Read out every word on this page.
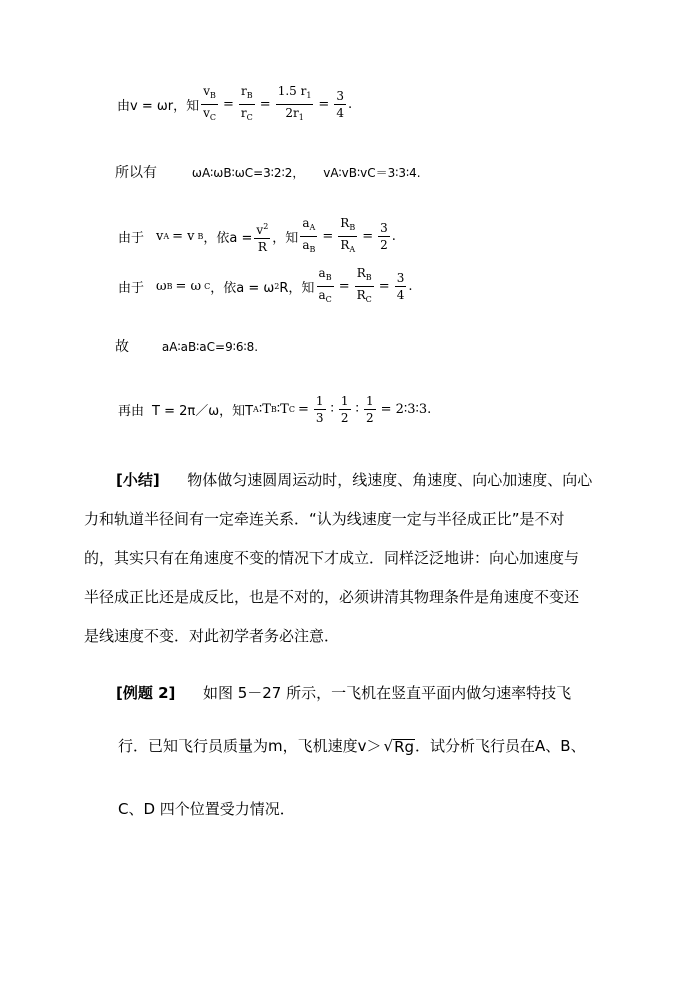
由v = ωr，知 $\frac{v_B}{v_C} = \frac{r_B}{r_C} = \frac{1.5 r_1}{2r_1} = \frac{3}{4}$ .
所以有	ωA∶ωB∶ωC=3∶2∶2， vA∶vB∶vC＝3∶3∶4.
由于 v A = v B ，依$a = \frac{v^2}{R}$ ，知 $\frac{a_A}{a_B} = \frac{R_B}{R_A} = \frac{3}{2}$ .
由于 ω B = ω C ，依a = ω 2 R，知 $\frac{a_B}{a_C} = \frac{R_B}{R_C} = \frac{3}{4}$ .
故	aA∶aB∶aC=9∶6∶8.
再由 T = 2π／ω，知T A ∶T B ∶T $C = \frac{1}{3}$ ∶ $\frac{1}{2}$ ∶ $\frac{1}{2}$ = 2∶3∶3.
[小结] 物体做匀速圆周运动时，线速度、角速度、向心加速度、向心
力和轨道半径间有一定牵连关系．“认为线速度一定与半径成正比”是不对
的，其实只有在角速度不变的情况下才成立．同样泛泛地讲：向心加速度与
半径成正比还是成反比，也是不对的，必须讲清其物理条件是角速度不变还
是线速度不变．对此初学者务必注意．
[例题 2] 如图 5－27 所示，一飞机在竖直平面内做匀速率特技飞
行．已知飞行员质量为m，飞机速度v＞ √ Rg ．试分析飞行员在A、B、
C、D 四个位置受力情况．
